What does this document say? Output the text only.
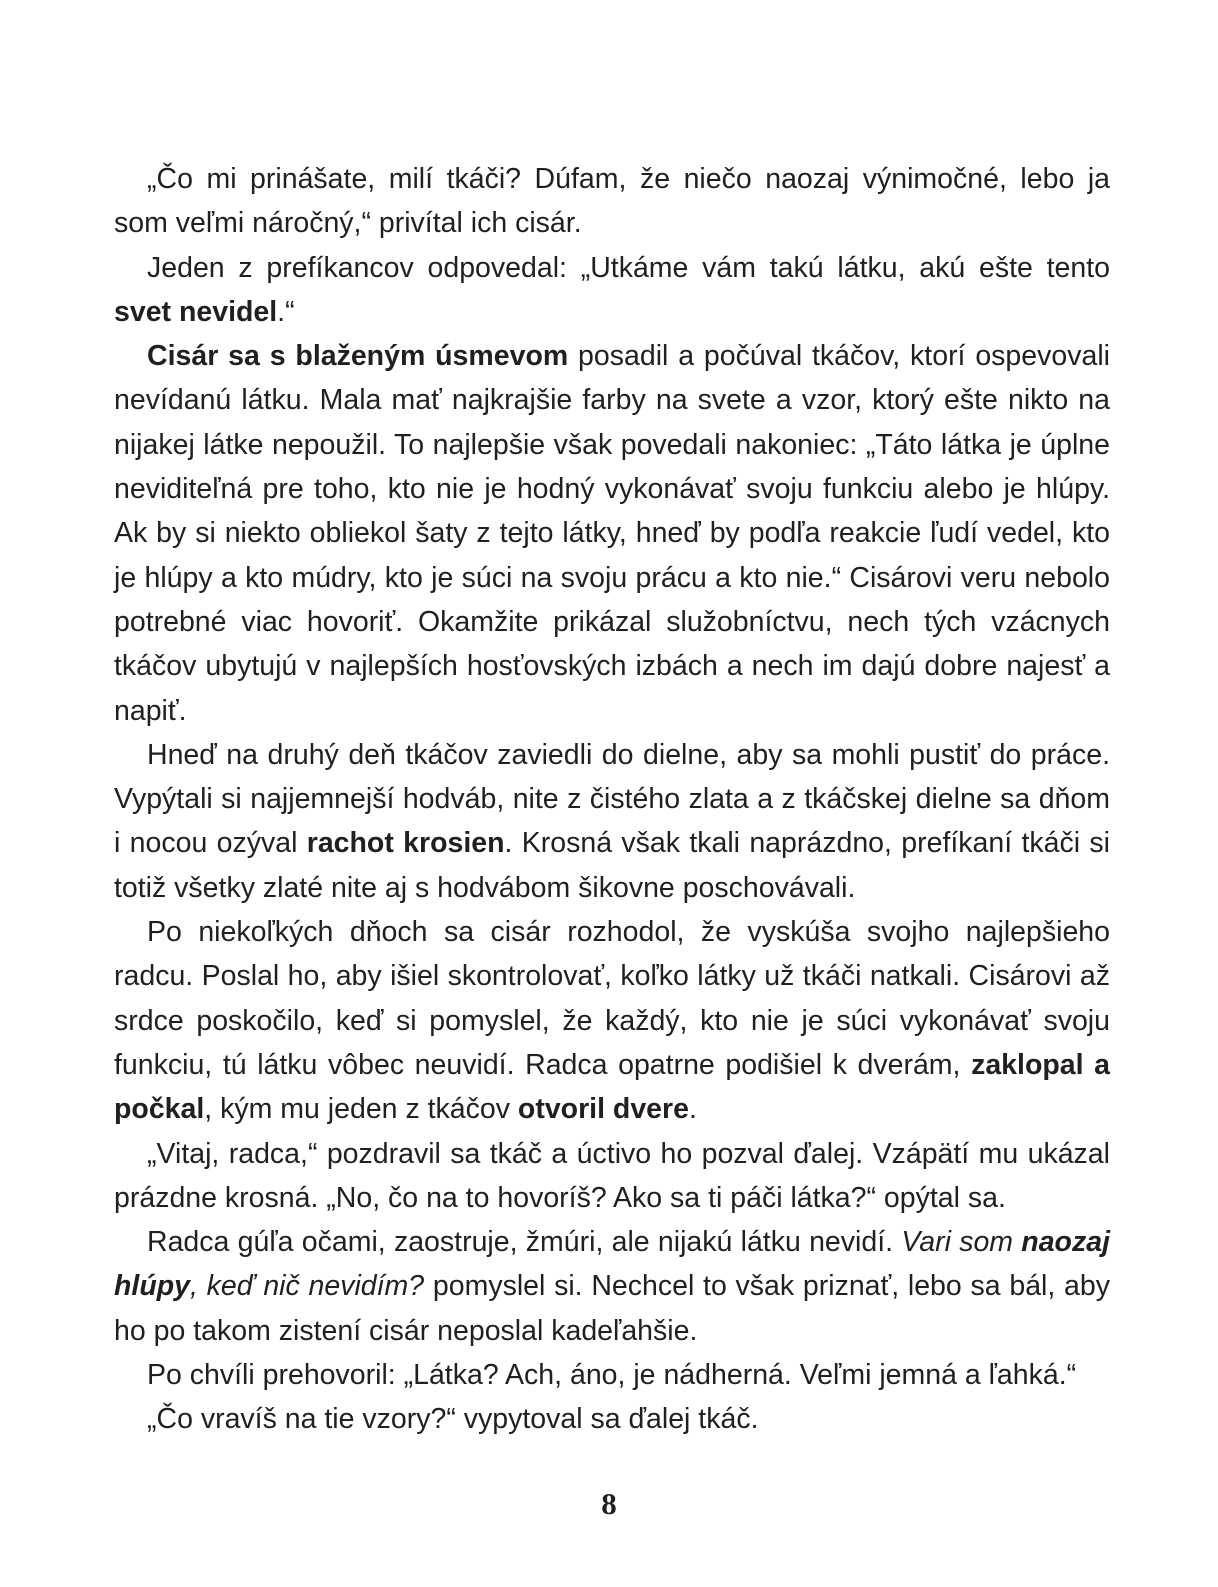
„Čo mi prinášate, milí tkáči? Dúfam, že niečo naozaj výnimočné, lebo ja som veľmi náročný,“ privítal ich cisár.

Jeden z prefíkancov odpovedal: „Utkáme vám takú látku, akú ešte tento svet nevidel.“

Cisár sa s blaženým úsmevom posadil a počúval tkáčov, ktorí ospevovali nevídanú látku. Mala mať najkrajšie farby na svete a vzor, ktorý ešte nikto na nijakej látke nepoužil. To najlepšie však povedali nakoniec: „Táto látka je úplne neviditeľná pre toho, kto nie je hodný vykonávať svoju funkciu alebo je hlúpy. Ak by si niekto obliekol šaty z tejto látky, hneď by podľa reakcie ľudí vedel, kto je hlúpy a kto múdry, kto je súci na svoju prácu a kto nie.“ Cisárovi veru nebolo potrebné viac hovoriť. Okamžite prikázal služobníctvu, nech tých vzácnych tkáčov ubytujú v najlepších hosťovských izbách a nech im dajú dobre najesť a napiť.

Hneď na druhý deň tkáčov zaviedli do dielne, aby sa mohli pustiť do práce. Vypýtali si najjemnejší hodváb, nite z čistého zlata a z tkáčskej dielne sa dňom i nocou ozýval rachot krosien. Krosná však tkali naprázdno, prefíkaní tkáči si totiž všetky zlaté nite aj s hodvábom šikovne poschovávali.

Po niekoľkých dňoch sa cisár rozhodol, že vyskúša svojho najlepšieho radcu. Poslal ho, aby išiel skontrolovať, koľko látky už tkáči natkali. Cisárovi až srdce poskočilo, keď si pomyslel, že každý, kto nie je súci vykonávať svoju funkciu, tú látku vôbec neuvidí. Radca opatrne podišiel k dverám, zaklopal a počkal, kým mu jeden z tkáčov otvoril dvere.

„Vitaj, radca,“ pozdravil sa tkáč a úctivo ho pozval ďalej. Vzápätí mu ukázal prázdne krosná. „No, čo na to hovoríš? Ako sa ti páči látka?“ opýtal sa.

Radca gúľa očami, zaostruje, žmúri, ale nijakú látku nevidí. Vari som naozaj hlúpy, keď nič nevidím? pomyslel si. Nechcel to však priznať, lebo sa bál, aby ho po takom zistení cisár neposlal kadeľahšie.

Po chvíli prehovoril: „Látka? Ach, áno, je nádherná. Veľmi jemná a ľahká.“

„Čo vravíš na tie vzory?“ vypytoval sa ďalej tkáč.

8
